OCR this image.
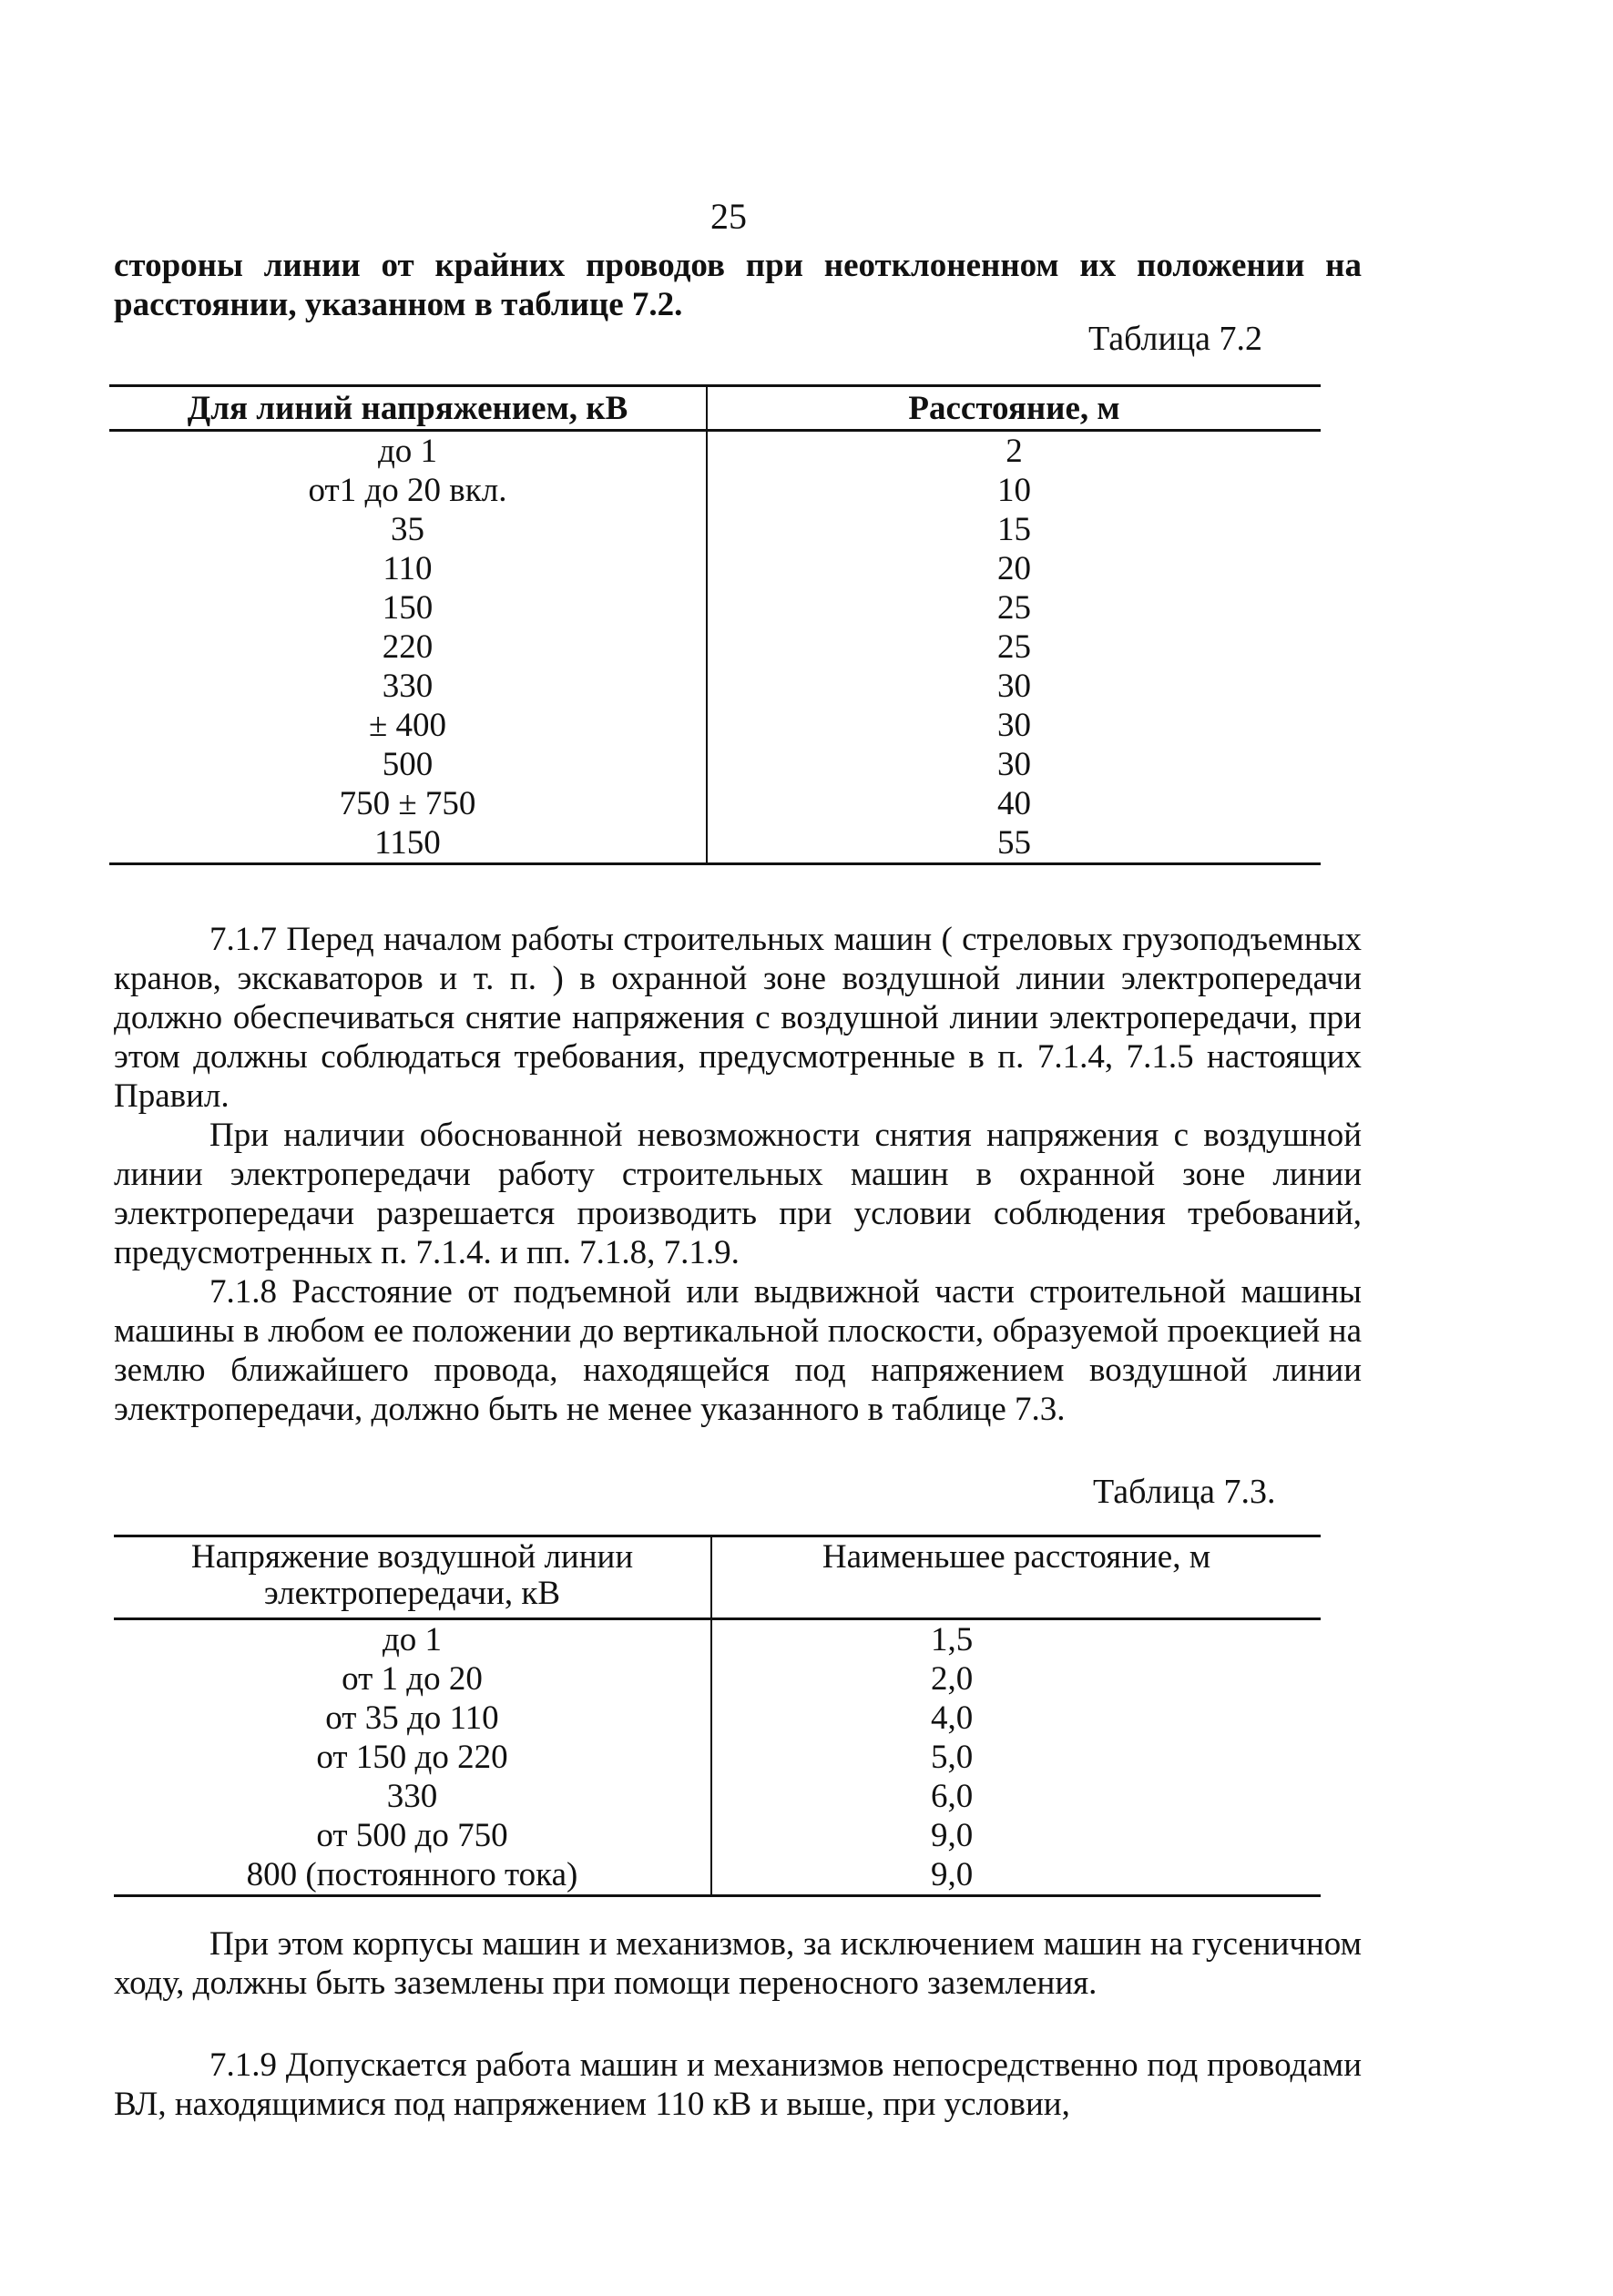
25

стороны линии от крайних проводов при неотклоненном их положении на расстоянии, указанном в таблице 7.2.

Таблица 7.2
Для линий напряжением, кВ	Расстояние, м
до 1	2
от1 до 20 вкл.	10
35	15
110	20
150	25
220	25
330	30
± 400	30
500	30
750 ± 750	40
1150	55

7.1.7 Перед началом работы строительных машин ( стреловых грузоподъемных кранов, экскаваторов и т. п. ) в охранной зоне воздушной линии электропередачи должно обеспечиваться снятие напряжения с воздушной линии электропередачи, при этом должны соблюдаться требования, предусмотренные в п. 7.1.4, 7.1.5 настоящих Правил.

При наличии обоснованной невозможности снятия напряжения с воздушной линии электропередачи работу строительных машин в охранной зоне линии электропередачи разрешается производить при условии соблюдения требований, предусмотренных п. 7.1.4. и пп. 7.1.8, 7.1.9.

7.1.8 Расстояние от подъемной или выдвижной части строительной машины машины в любом ее положении до вертикальной плоскости, образуемой проекцией на землю ближайшего провода, находящейся под напряжением воздушной линии электропередачи, должно быть не менее указанного в таблице 7.3.

Таблица 7.3.
Напряжение воздушной линии электропередачи, кВ	Наименьшее расстояние, м
до 1	1,5
от 1 до 20	2,0
от 35 до 110	4,0
от 150 до 220	5,0
330	6,0
от 500 до 750	9,0
800 (постоянного тока)	9,0

При этом корпусы машин и механизмов, за исключением машин на гусеничном ходу, должны быть заземлены при помощи переносного заземления.

7.1.9 Допускается работа машин и механизмов непосредственно под проводами ВЛ, находящимися под напряжением 110 кВ и выше, при условии,
